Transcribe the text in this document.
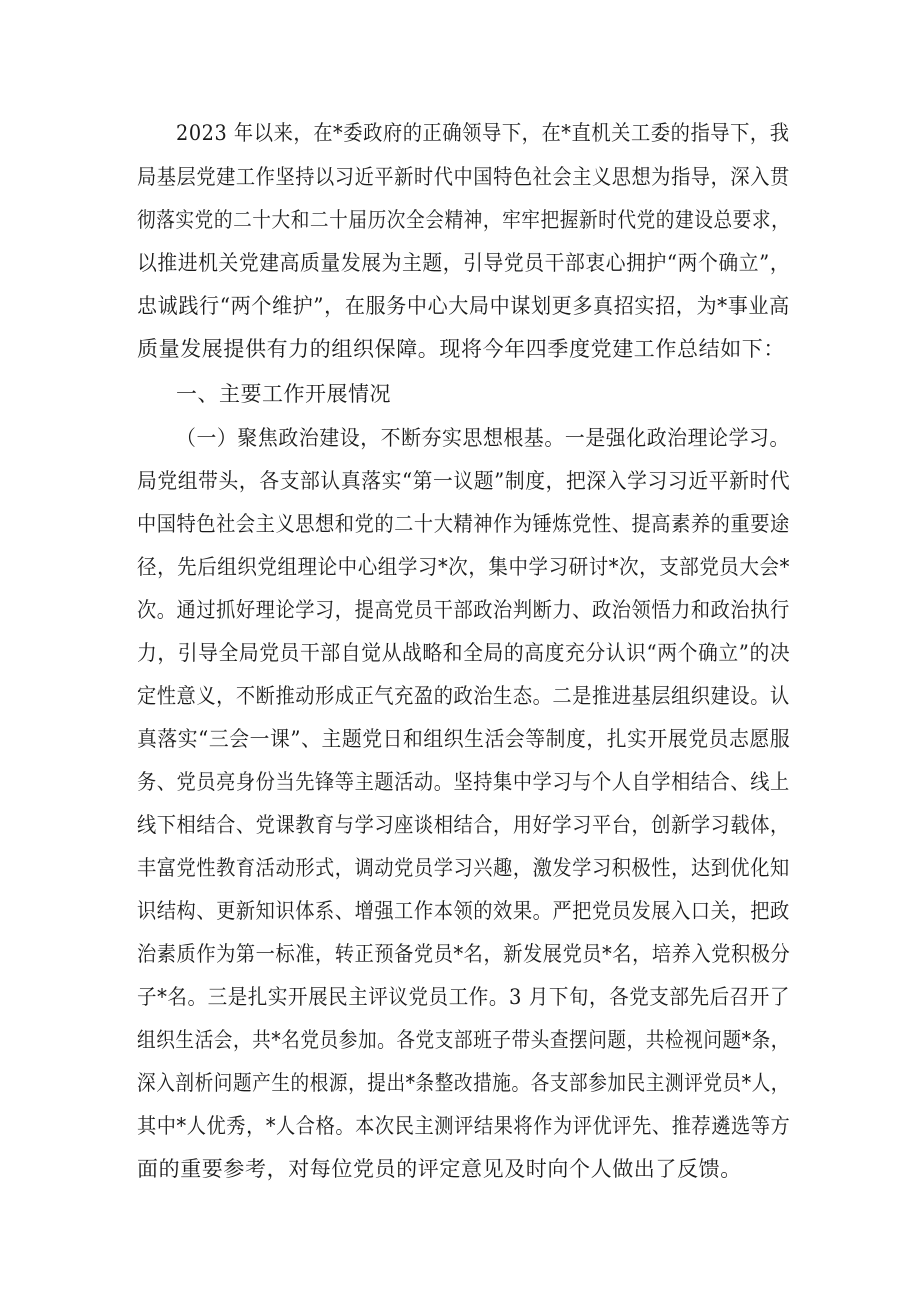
2023 年以来，在*委政府的正确领导下，在*直机关工委的指导下，我
局基层党建工作坚持以习近平新时代中国特色社会主义思想为指导，深入贯
彻落实党的二十大和二十届历次全会精神，牢牢把握新时代党的建设总要求，
以推进机关党建高质量发展为主题，引导党员干部衷心拥护“两个确立”，
忠诚践行“两个维护”，在服务中心大局中谋划更多真招实招，为*事业高
质量发展提供有力的组织保障。现将今年四季度党建工作总结如下：
一、主要工作开展情况
（一）聚焦政治建设，不断夯实思想根基。一是强化政治理论学习。
局党组带头，各支部认真落实“第一议题”制度，把深入学习习近平新时代
中国特色社会主义思想和党的二十大精神作为锤炼党性、提高素养的重要途
径，先后组织党组理论中心组学习*次，集中学习研讨*次，支部党员大会*
次。通过抓好理论学习，提高党员干部政治判断力、政治领悟力和政治执行
力，引导全局党员干部自觉从战略和全局的高度充分认识“两个确立”的决
定性意义，不断推动形成正气充盈的政治生态。二是推进基层组织建设。认
真落实“三会一课”、主题党日和组织生活会等制度，扎实开展党员志愿服
务、党员亮身份当先锋等主题活动。坚持集中学习与个人自学相结合、线上
线下相结合、党课教育与学习座谈相结合，用好学习平台，创新学习载体，
丰富党性教育活动形式，调动党员学习兴趣，激发学习积极性，达到优化知
识结构、更新知识体系、增强工作本领的效果。严把党员发展入口关，把政
治素质作为第一标准，转正预备党员*名，新发展党员*名，培养入党积极分
子*名。三是扎实开展民主评议党员工作。3 月下旬，各党支部先后召开了
组织生活会，共*名党员参加。各党支部班子带头查摆问题，共检视问题*条，
深入剖析问题产生的根源，提出*条整改措施。各支部参加民主测评党员*人，
其中*人优秀，*人合格。本次民主测评结果将作为评优评先、推荐遴选等方
面的重要参考，对每位党员的评定意见及时向个人做出了反馈。
